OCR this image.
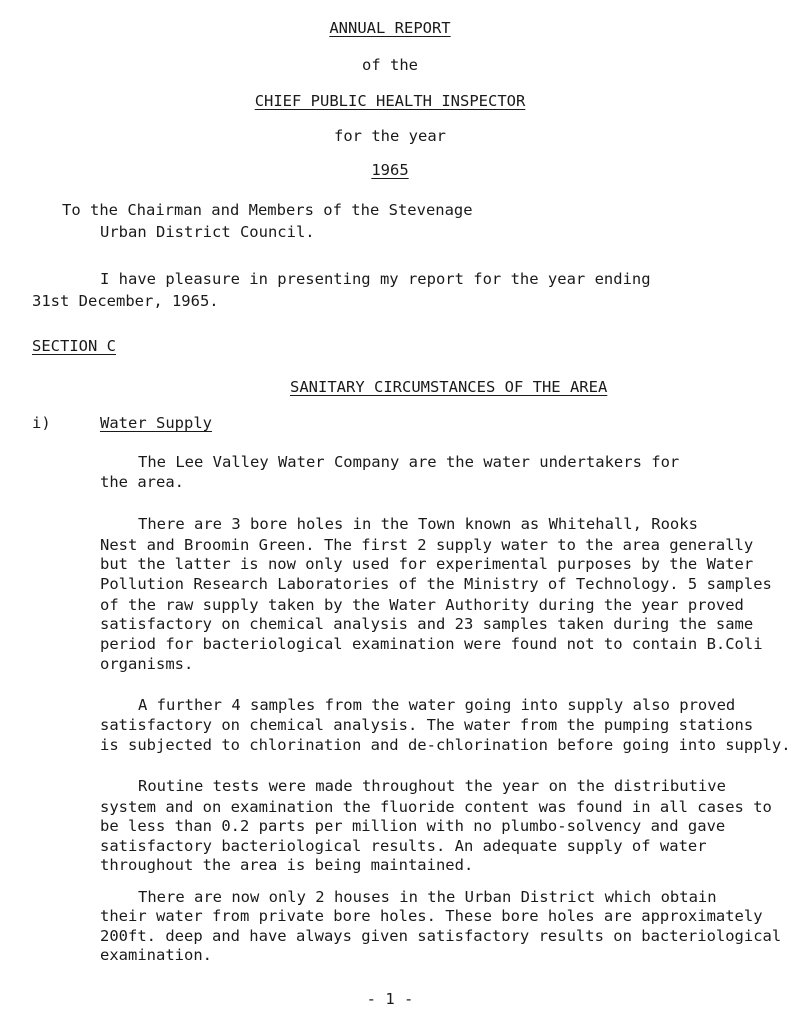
ANNUAL REPORT
of the
CHIEF PUBLIC HEALTH INSPECTOR
for the year
1965
To the Chairman and Members of the Stevenage
Urban District Council.
I have pleasure in presenting my report for the year ending
31st December, 1965.
SECTION C
SANITARY CIRCUMSTANCES OF THE AREA
i)	Water Supply
The Lee Valley Water Company are the water undertakers for
the area.
There are 3 bore holes in the Town known as Whitehall, Rooks
Nest and Broomin Green. The first 2 supply water to the area generally
but the latter is now only used for experimental purposes by the Water
Pollution Research Laboratories of the Ministry of Technology. 5 samples
of the raw supply taken by the Water Authority during the year proved
satisfactory on chemical analysis and 23 samples taken during the same
period for bacteriological examination were found not to contain B.Coli
organisms.
A further 4 samples from the water going into supply also proved
satisfactory on chemical analysis. The water from the pumping stations
is subjected to chlorination and de-chlorination before going into supply.
Routine tests were made throughout the year on the distributive
system and on examination the fluoride content was found in all cases to
be less than 0.2 parts per million with no plumbo-solvency and gave
satisfactory bacteriological results. An adequate supply of water
throughout the area is being maintained.
There are now only 2 houses in the Urban District which obtain
their water from private bore holes. These bore holes are approximately
200ft. deep and have always given satisfactory results on bacteriological
examination.
- 1 -
